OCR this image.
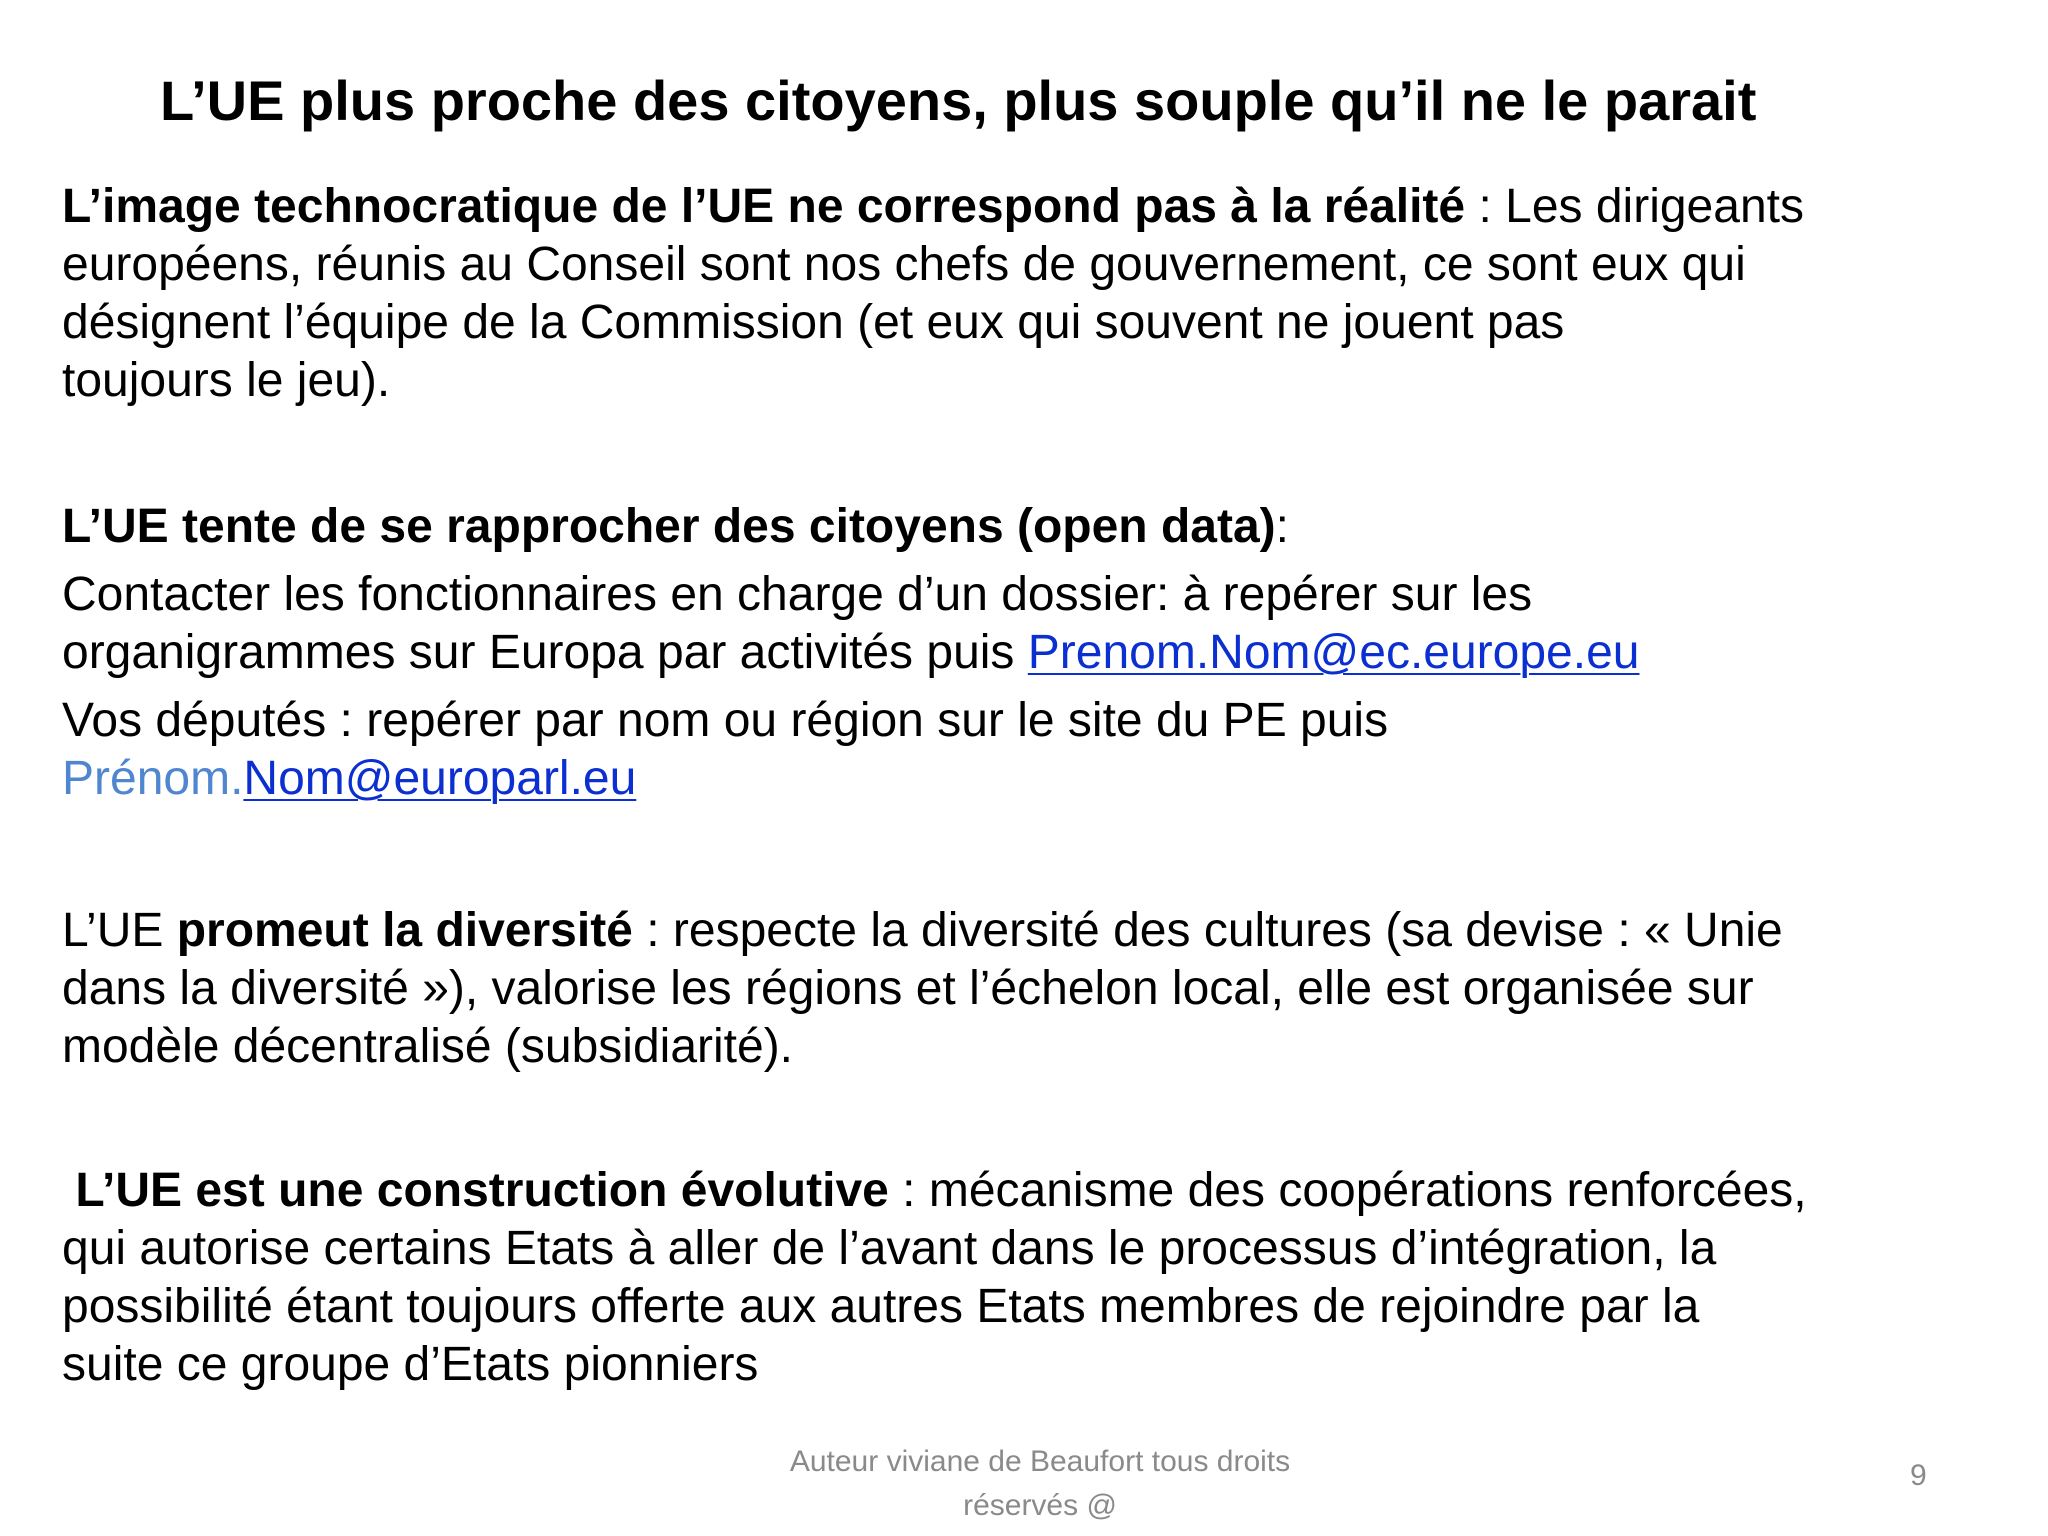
L’UE plus proche des citoyens, plus souple qu’il ne le parait
L’image technocratique de l’UE ne correspond pas à la réalité : Les dirigeants
européens, réunis au Conseil sont nos chefs de gouvernement, ce sont eux qui
désignent l’équipe de la Commission (et eux qui souvent ne jouent pas
toujours le jeu).
L’UE tente de se rapprocher des citoyens (open data):
Contacter les fonctionnaires en charge d’un dossier: à repérer sur les
organigrammes sur Europa par activités puis Prenom.Nom@ec.europe.eu
Vos députés : repérer par nom ou région sur le site du PE puis
Prénom.Nom@europarl.eu
L’UE promeut la diversité : respecte la diversité des cultures (sa devise : « Unie
dans la diversité »), valorise les régions et l’échelon local, elle est organisée sur
modèle décentralisé (subsidiarité).
L’UE est une construction évolutive : mécanisme des coopérations renforcées,
qui autorise certains Etats à aller de l’avant dans le processus d’intégration, la
possibilité étant toujours offerte aux autres Etats membres de rejoindre par la
suite ce groupe d’Etats pionniers
Auteur viviane de Beaufort tous droits
réservés @
9
